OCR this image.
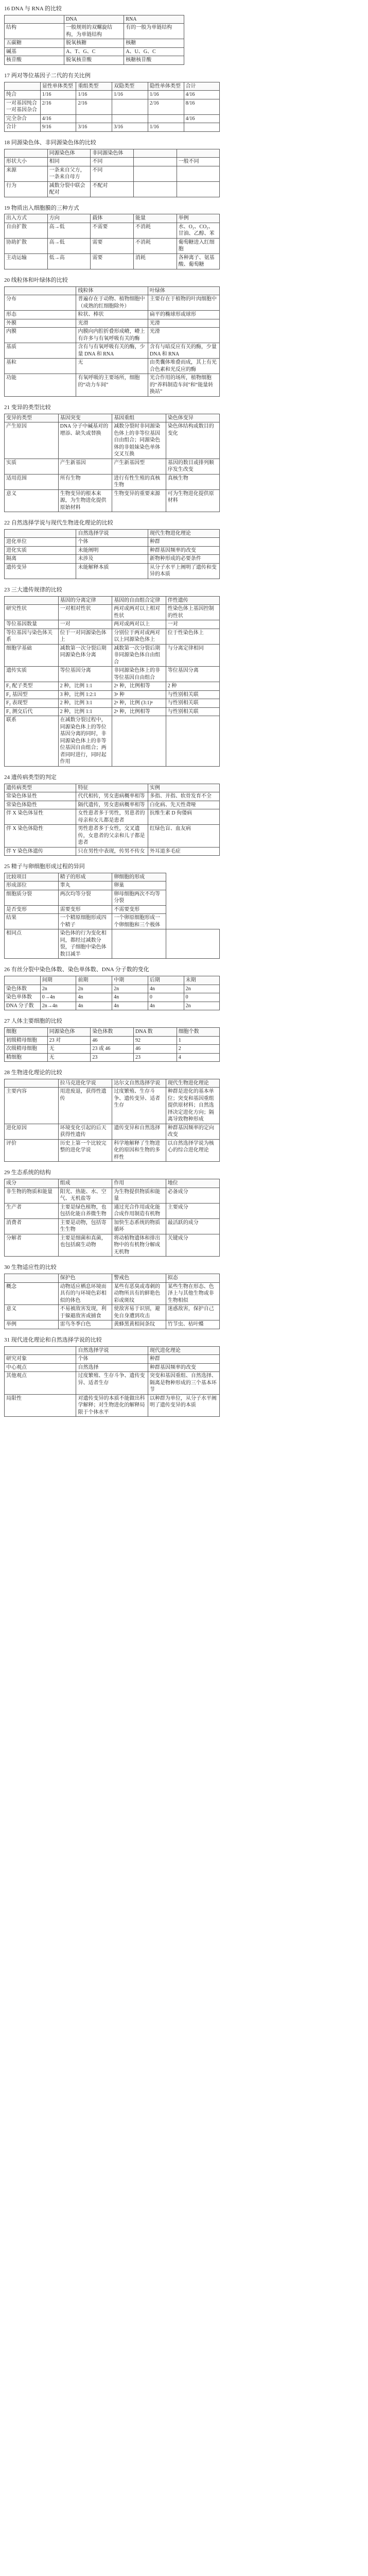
16 DNA 与 RNA 的比较
	DNA	RNA
结构	一般规则的双螺旋结构，为单链结构	有的一般为单链结构
五碳糖	脱氧核糖	核糖
碱基	A、T、G、C	A、U、G、C
核苷酸	脱氧核苷酸	核糖核苷酸
17 两对等位基因子二代的有关比例
	显性单体类型	重组类型	双隐类型	隐性单体类型	合计
纯合	1/16	1/16	1/16	1/16	4/16
一对基因纯合一对基因杂合	2/16	2/16		2/16	8/16
完全杂合	4/16				4/16
合计	9/16	3/16	3/16	1/16	
18 同源染色体、非同源染色体的比较
	同源染色体	非同源染色体		
形状大小	相同	不同		一般不同
来源	一条来自父方，一条来自母方	不同		
行为	减数分裂中联会配对	不配对		
19 物质出入细胞膜的三种方式
出入方式	方向	载体	能量	举例
自由扩散	高→低	不需要	不消耗	水、O₂、CO₂、甘油、乙醇、苯
协助扩散	高→低	需要	不消耗	葡萄糖进入红细胞
主动运输	低→高	需要	消耗	各种离子、氨基酸、葡萄糖
20 线粒体和叶绿体的比较
	线粒体	叶绿体
分布	普遍存在于动物、植物细胞中（成熟的红细胞除外）	主要存在于植物的叶肉细胞中
形态	粒状、棒状	扁平的椭球形或球形
外膜	光滑	光滑
内膜	内膜向内腔折叠形成嵴，嵴上有许多与有氧呼吸有关的酶	光滑
基质	含有与有氧呼吸有关的酶，少量 DNA 和 RNA	含有与暗反应有关的酶，少量 DNA 和 RNA
基粒	无	由类囊体堆叠而成，其上有光合色素和光反应的酶
功能	有氧呼吸的主要场所，细胞的“动力车间”	光合作用的场所，植物细胞的“养料制造车间”和“能量转换站”
21 变异的类型比较
变异的类型	基因突变	基因重组	染色体变异
产生原因	DNA 分子中碱基对的增添、缺失或替换	减数分裂时非同源染色体上的非等位基因自由组合；同源染色体的非姐妹染色单体交叉互换	染色体结构或数目的变化
实质	产生新基因	产生新基因型	基因的数目或排列顺序发生改变
适用范围	所有生物	进行有性生殖的真核生物	真核生物
意义	生物变异的根本来源，为生物进化提供原始材料	生物变异的重要来源	可为生物进化提供原材料
22 自然选择学说与现代生物进化理论的比较
	自然选择学说	现代生物进化理论
进化单位	个体	种群
进化实质	未能阐明	种群基因频率的改变
隔离	未涉及	新物种形成的必要条件
遗传变异	未能解释本质	从分子水平上阐明了遗传和变异的本质
23 三大遗传规律的比较
	基因的分离定律	基因的自由组合定律	伴性遗传
研究性状	一对相对性状	两对或两对以上相对性状	性染色体上基因控制的性状
等位基因数量	一对	两对或两对以上	一对
等位基因与染色体关系	位于一对同源染色体上	分别位于两对或两对以上同源染色体上	位于性染色体上
细胞学基础	减数第一次分裂后期同源染色体分离	减数第一次分裂后期非同源染色体自由组合	与分离定律相同
遗传实质	等位基因分离	非同源染色体上的非等位基因自由组合	等位基因分离
F₁ 配子类型	2 种，比例 1:1	2ⁿ 种，比例相等	2 种
F₂ 基因型	3 种，比例 1:2:1	3ⁿ 种	与性别相关联
F₂ 表现型	2 种，比例 3:1	2ⁿ 种，比例 (3:1)ⁿ	与性别相关联
F₁ 测交后代	2 种，比例 1:1	2ⁿ 种，比例相等	与性别相关联
联系	在减数分裂过程中，同源染色体上的等位基因分离的同时，非同源染色体上的非等位基因自由组合；两者同时进行，同时起作用		
24 遗传病类型的判定
遗传病类型	特征	实例
常染色体显性	代代相传，男女患病概率相等	多指、并指、软骨发育不全
常染色体隐性	隔代遗传，男女患病概率相等	白化病、先天性聋哑
伴 X 染色体显性	女性患者多于男性，男患者的母亲和女儿都是患者	抗维生素 D 佝偻病
伴 X 染色体隐性	男性患者多于女性，交叉遗传，女患者的父亲和儿子都是患者	红绿色盲、血友病
伴 Y 染色体遗传	只在男性中表现，传男不传女	外耳道多毛症
25 精子与卵细胞形成过程的异同
比较项目	精子的形成	卵细胞的形成	
形成部位	睾丸	卵巢	
细胞质分裂	两次均等分裂	卵母细胞两次不均等分裂	
是否变形	需要变形	不需要变形	
结果	一个精原细胞形成四个精子	一个卵原细胞形成一个卵细胞和三个极体	
相同点	染色体的行为变化相同，都经过减数分裂，子细胞中染色体数目减半		
26 有丝分裂中染色体数、染色单体数、DNA 分子数的变化
	间期	前期	中期	后期	末期
染色体数	2n	2n	2n	4n	2n
染色单体数	0→4n	4n	4n	0	0
DNA 分子数	2n→4n	4n	4n	4n	2n
27 人体主要细胞的比较
细胞	同源染色体	染色体数	DNA 数	细胞个数
初级精母细胞	23 对	46	92	1
次级精母细胞	无	23 或 46	46	2
精细胞	无	23	23	4
28 生物进化理论的比较
	拉马克进化学说	达尔文自然选择学说	现代生物进化理论
主要内容	用进废退，获得性遗传	过度繁殖、生存斗争、遗传变异、适者生存	种群是进化的基本单位；突变和基因重组提供原材料；自然选择决定进化方向；隔离导致物种形成
进化原因	环境变化引起的后天获得性遗传	遗传变异和自然选择	种群基因频率的定向改变
评价	历史上第一个比较完整的进化学说	科学地解释了生物进化的原因和生物的多样性	以自然选择学说为核心的综合进化理论
29 生态系统的结构
成分	组成	作用	地位
非生物的物质和能量	阳光、热能、水、空气、无机盐等	为生物提供物质和能量	必备成分
生产者	主要是绿色植物，也包括化能自养微生物	通过光合作用或化能合成作用制造有机物	主要成分
消费者	主要是动物，包括寄生生物	加快生态系统的物质循环	最活跃的成分
分解者	主要是细菌和真菌，也包括腐生动物	将动植物遗体和排出物中的有机物分解成无机物	关键成分
30 生物适应性的比较
	保护色	警戒色	拟态
概念	动物适应栖息环境而具有的与环境色彩相似的体色	某些有恶臭或毒刺的动物所具有的鲜艳色彩或斑纹	某些生物在形态、色泽上与其他生物或非生物相似
意义	不易被敌害发现，利于躲避敌害或捕食	使敌害易于识别，避免自身遭到攻击	迷惑敌害，保护自己
举例	雷鸟冬季白色	黄蜂黑黄相间条纹	竹节虫、枯叶蝶
31 现代进化理论和自然选择学说的比较
	自然选择学说	现代进化理论
研究对象	个体	种群
中心观点	自然选择	种群基因频率的改变
其他观点	过度繁殖、生存斗争、遗传变异、适者生存	突变和基因重组、自然选择、隔离是物种形成的三个基本环节
局限性	对遗传变异的本质不能做出科学解释；对生物进化的解释局限于个体水平	以种群为单位，从分子水平阐明了遗传变异的本质
